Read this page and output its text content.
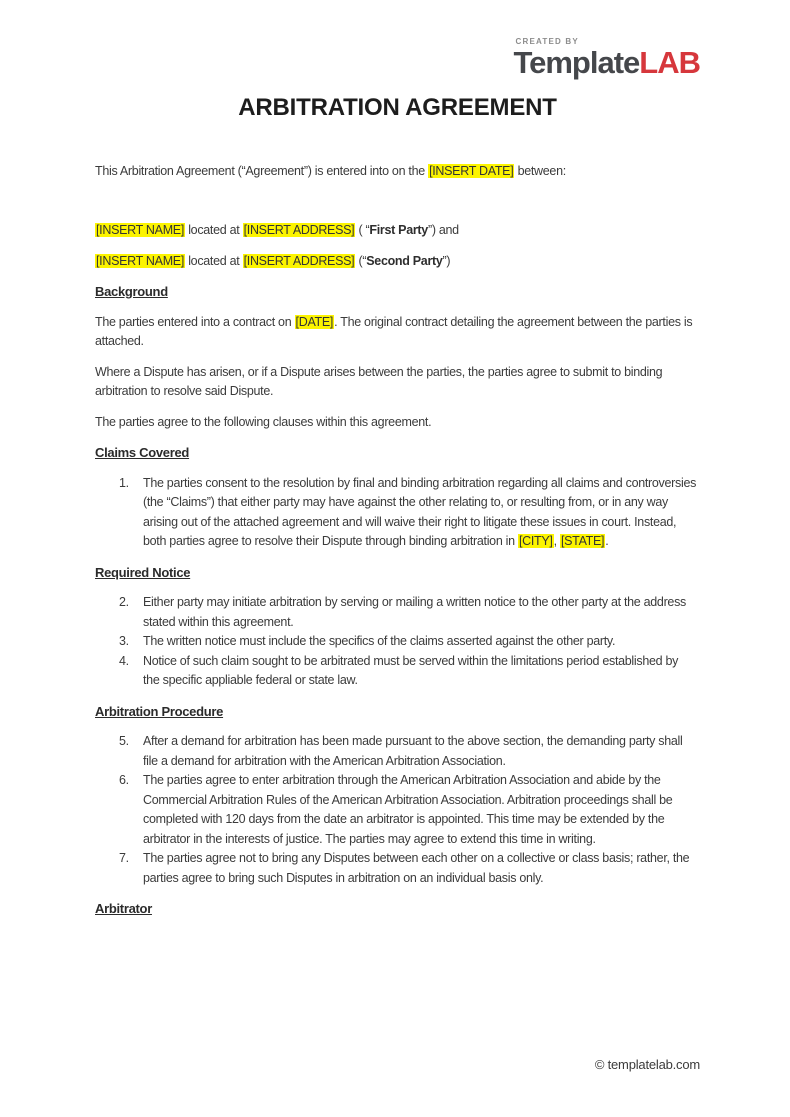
CREATED BY
TemplateLAB
ARBITRATION AGREEMENT

This Arbitration Agreement (“Agreement”) is entered into on the [INSERT DATE] between:

[INSERT NAME] located at [INSERT ADDRESS] ( “First Party”) and

[INSERT NAME] located at [INSERT ADDRESS] (“Second Party”)

Background

The parties entered into a contract on [DATE]. The original contract detailing the agreement between the parties is attached.

Where a Dispute has arisen, or if a Dispute arises between the parties, the parties agree to submit to binding arbitration to resolve said Dispute.

The parties agree to the following clauses within this agreement.

Claims Covered
1.	The parties consent to the resolution by final and binding arbitration regarding all claims and controversies (the “Claims”) that either party may have against the other relating to, or resulting from, or in any way arising out of the attached agreement and will waive their right to litigate these issues in court. Instead, both parties agree to resolve their Dispute through binding arbitration in [CITY], [STATE].
Required Notice
2.	Either party may initiate arbitration by serving or mailing a written notice to the other party at the address stated within this agreement.
3.	The written notice must include the specifics of the claims asserted against the other party.
4.	Notice of such claim sought to be arbitrated must be served within the limitations period established by the specific appliable federal or state law.
Arbitration Procedure
5.	After a demand for arbitration has been made pursuant to the above section, the demanding party shall file a demand for arbitration with the American Arbitration Association.
6.	The parties agree to enter arbitration through the American Arbitration Association and abide by the Commercial Arbitration Rules of the American Arbitration Association. Arbitration proceedings shall be completed with 120 days from the date an arbitrator is appointed. This time may be extended by the arbitrator in the interests of justice. The parties may agree to extend this time in writing.
7.	The parties agree not to bring any Disputes between each other on a collective or class basis; rather, the parties agree to bring such Disputes in arbitration on an individual basis only.
Arbitrator
© templatelab.com
